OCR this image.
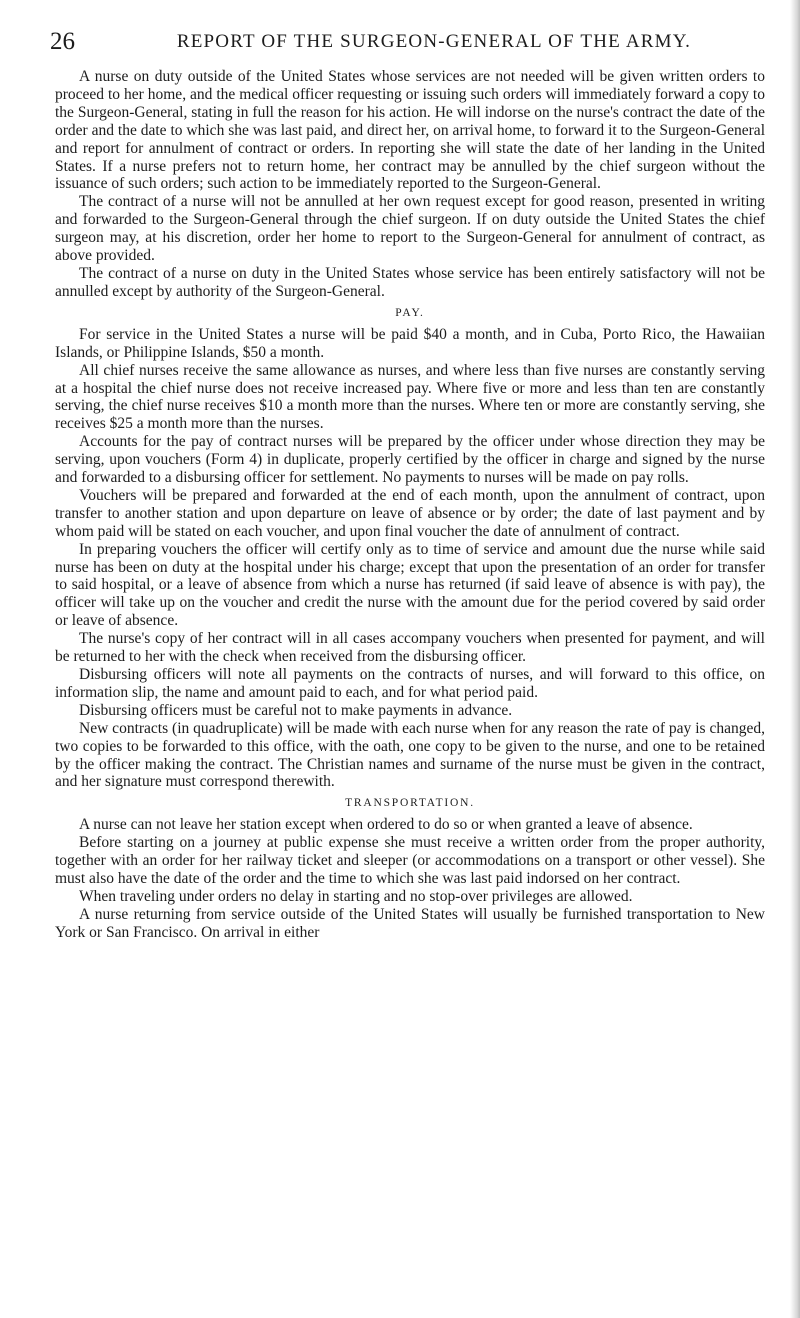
26	REPORT OF THE SURGEON-GENERAL OF THE ARMY.

A nurse on duty outside of the United States whose services are not needed will be given written orders to proceed to her home, and the medical officer requesting or issuing such orders will immediately forward a copy to the Surgeon-General, stating in full the reason for his action. He will indorse on the nurse's contract the date of the order and the date to which she was last paid, and direct her, on arrival home, to forward it to the Surgeon-General and report for annulment of contract or orders. In reporting she will state the date of her landing in the United States. If a nurse prefers not to return home, her contract may be annulled by the chief surgeon without the issuance of such orders; such action to be immediately reported to the Surgeon-General.

The contract of a nurse will not be annulled at her own request except for good reason, presented in writing and forwarded to the Surgeon-General through the chief surgeon. If on duty outside the United States the chief surgeon may, at his discretion, order her home to report to the Surgeon-General for annulment of contract, as above provided.

The contract of a nurse on duty in the United States whose service has been entirely satisfactory will not be annulled except by authority of the Surgeon-General.

PAY.

For service in the United States a nurse will be paid $40 a month, and in Cuba, Porto Rico, the Hawaiian Islands, or Philippine Islands, $50 a month.

All chief nurses receive the same allowance as nurses, and where less than five nurses are constantly serving at a hospital the chief nurse does not receive increased pay. Where five or more and less than ten are constantly serving, the chief nurse receives $10 a month more than the nurses. Where ten or more are constantly serving, she receives $25 a month more than the nurses.

Accounts for the pay of contract nurses will be prepared by the officer under whose direction they may be serving, upon vouchers (Form 4) in duplicate, properly certified by the officer in charge and signed by the nurse and forwarded to a disbursing officer for settlement. No payments to nurses will be made on pay rolls.

Vouchers will be prepared and forwarded at the end of each month, upon the annulment of contract, upon transfer to another station and upon departure on leave of absence or by order; the date of last payment and by whom paid will be stated on each voucher, and upon final voucher the date of annulment of contract.

In preparing vouchers the officer will certify only as to time of service and amount due the nurse while said nurse has been on duty at the hospital under his charge; except that upon the presentation of an order for transfer to said hospital, or a leave of absence from which a nurse has returned (if said leave of absence is with pay), the officer will take up on the voucher and credit the nurse with the amount due for the period covered by said order or leave of absence.

The nurse's copy of her contract will in all cases accompany vouchers when presented for payment, and will be returned to her with the check when received from the disbursing officer.

Disbursing officers will note all payments on the contracts of nurses, and will forward to this office, on information slip, the name and amount paid to each, and for what period paid.

Disbursing officers must be careful not to make payments in advance.

New contracts (in quadruplicate) will be made with each nurse when for any reason the rate of pay is changed, two copies to be forwarded to this office, with the oath, one copy to be given to the nurse, and one to be retained by the officer making the contract. The Christian names and surname of the nurse must be given in the contract, and her signature must correspond therewith.

TRANSPORTATION.

A nurse can not leave her station except when ordered to do so or when granted a leave of absence.

Before starting on a journey at public expense she must receive a written order from the proper authority, together with an order for her railway ticket and sleeper (or accommodations on a transport or other vessel). She must also have the date of the order and the time to which she was last paid indorsed on her contract.

When traveling under orders no delay in starting and no stop-over privileges are allowed.

A nurse returning from service outside of the United States will usually be furnished transportation to New York or San Francisco. On arrival in either
